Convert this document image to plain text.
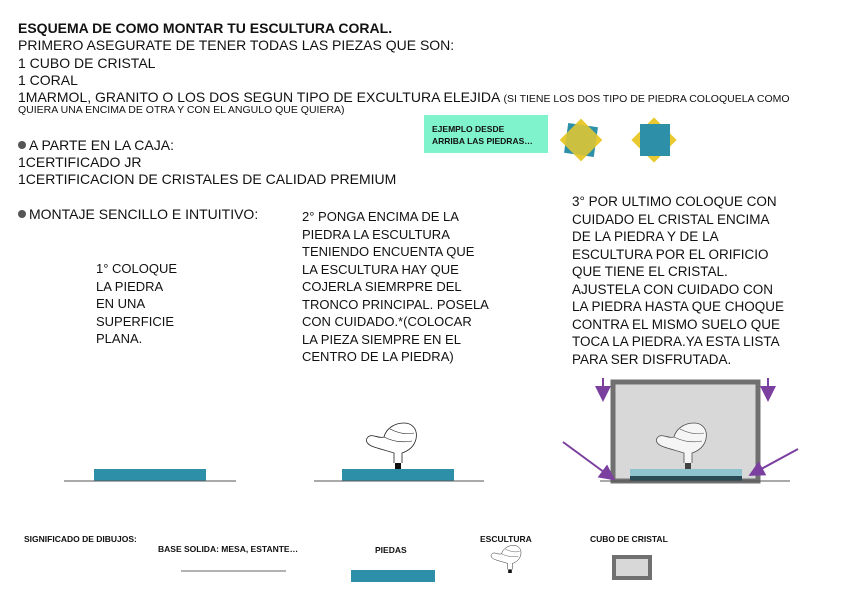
ESQUEMA DE COMO MONTAR TU ESCULTURA CORAL.
PRIMERO ASEGURATE DE TENER TODAS LAS PIEZAS QUE SON:
1 CUBO DE CRISTAL
1 CORAL
1MARMOL, GRANITO O LOS DOS SEGUN TIPO DE EXCULTURA ELEJIDA (SI TIENE LOS DOS TIPO DE PIEDRA COLOQUELA COMO
QUIERA UNA ENCIMA DE OTRA Y CON EL ANGULO QUE QUIERA)
A PARTE EN LA CAJA:
1CERTIFICADO JR
1CERTIFICACION DE CRISTALES DE CALIDAD PREMIUM
EJEMPLO DESDE
ARRIBA LAS PIEDRAS…
MONTAJE SENCILLO E INTUITIVO:
1° COLOQUE
LA PIEDRA
EN UNA
SUPERFICIE
PLANA.
2° PONGA ENCIMA DE LA
PIEDRA LA ESCULTURA
TENIENDO ENCUENTA QUE
LA ESCULTURA HAY QUE
COJERLA SIEMRPRE DEL
TRONCO PRINCIPAL. POSELA
CON CUIDADO.*(COLOCAR
LA PIEZA SIEMPRE EN EL
CENTRO DE LA PIEDRA)
3° POR ULTIMO COLOQUE CON
CUIDADO EL CRISTAL ENCIMA
DE LA PIEDRA Y DE LA
ESCULTURA POR EL ORIFICIO
QUE TIENE EL CRISTAL.
AJUSTELA CON CUIDADO CON
LA PIEDRA HASTA QUE CHOQUE
CONTRA EL MISMO SUELO QUE
TOCA LA PIEDRA.YA ESTA LISTA
PARA SER DISFRUTADA.
SIGNIFICADO DE DIBUJOS:
BASE SOLIDA: MESA, ESTANTE…	PIEDAS
ESCULTURA	CUBO DE CRISTAL
